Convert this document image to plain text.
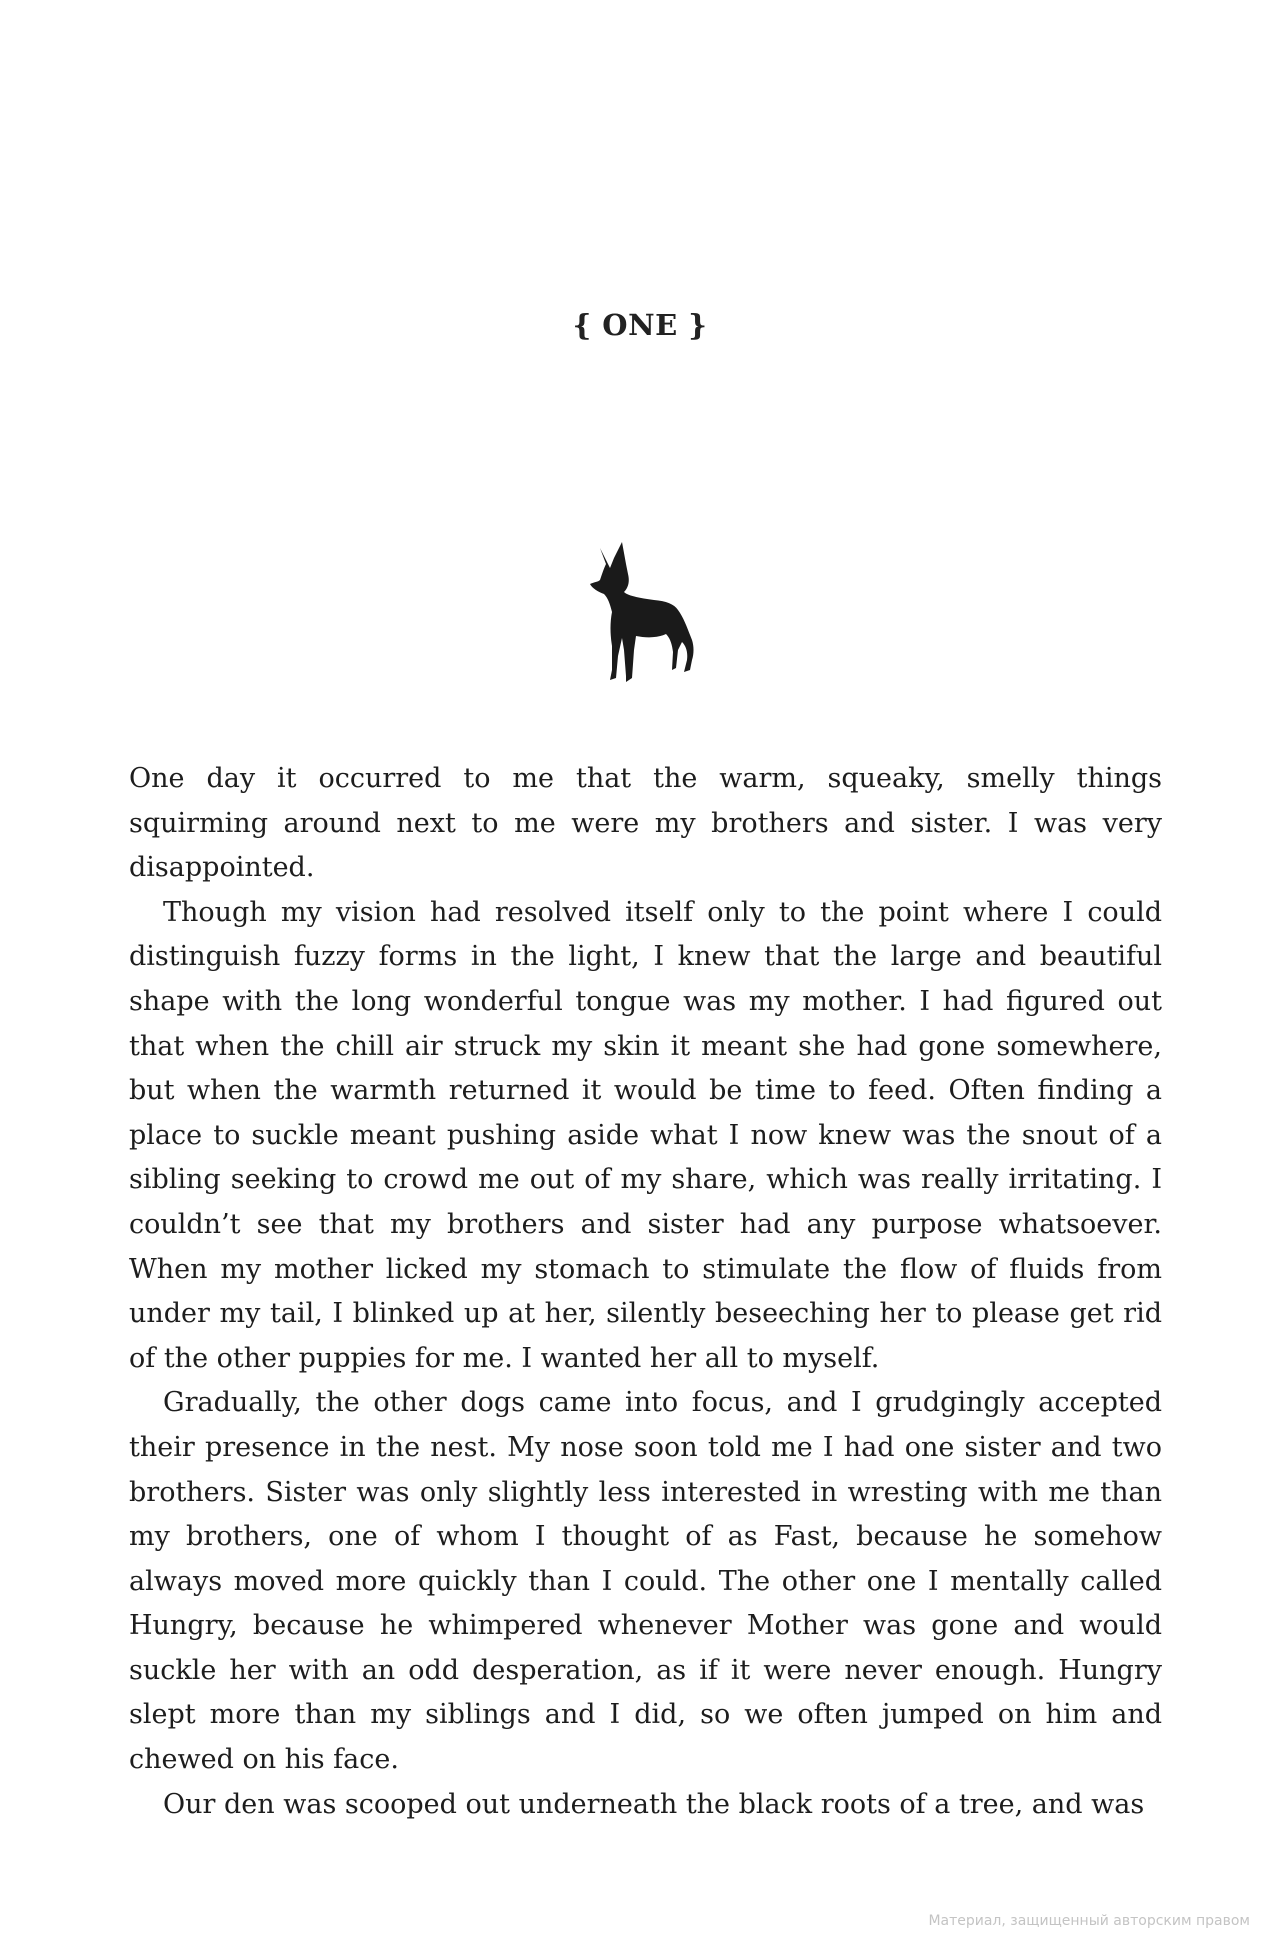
{ ONE }

One day it occurred to me that the warm, squeaky, smelly things squirming around next to me were my brothers and sister. I was very disappointed.

Though my vision had resolved itself only to the point where I could distinguish fuzzy forms in the light, I knew that the large and beautiful shape with the long wonderful tongue was my mother. I had figured out that when the chill air struck my skin it meant she had gone somewhere, but when the warmth returned it would be time to feed. Often finding a place to suckle meant pushing aside what I now knew was the snout of a sibling seeking to crowd me out of my share, which was really irritating. I couldn’t see that my brothers and sister had any purpose whatsoever. When my mother licked my stomach to stimulate the flow of fluids from under my tail, I blinked up at her, silently beseeching her to please get rid of the other puppies for me. I wanted her all to myself.

Gradually, the other dogs came into focus, and I grudgingly accepted their presence in the nest. My nose soon told me I had one sister and two brothers. Sister was only slightly less interested in wresting with me than my brothers, one of whom I thought of as Fast, because he somehow always moved more quickly than I could. The other one I mentally called Hungry, because he whimpered whenever Mother was gone and would suckle her with an odd desperation, as if it were never enough. Hungry slept more than my siblings and I did, so we often jumped on him and chewed on his face.

Our den was scooped out underneath the black roots of a tree, and was

Материал, защищенный авторским правом
